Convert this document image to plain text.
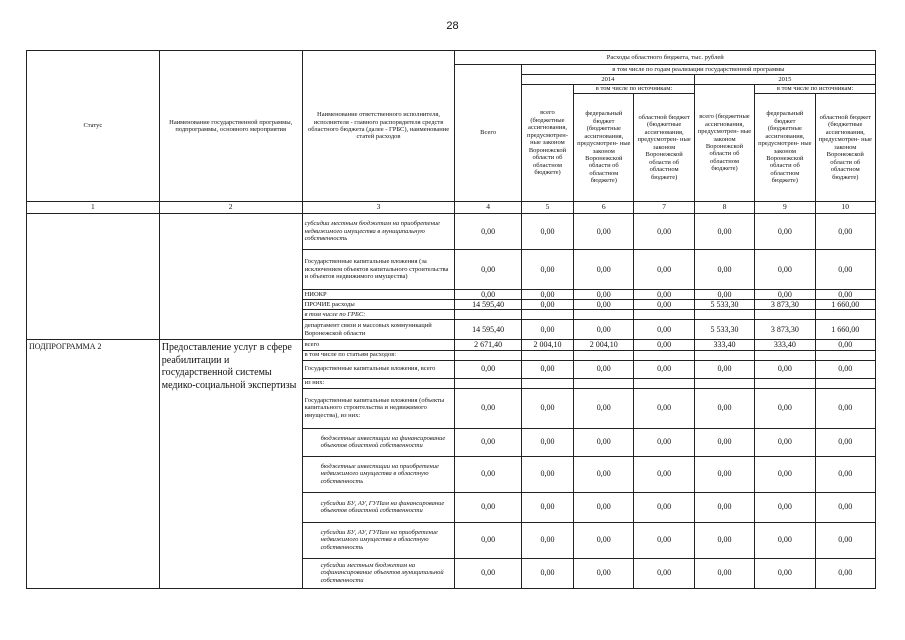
28
Статус	Наименование государственной программы, подпрограммы, основного мероприятия	Наименование ответственного исполнителя, исполнителя - главного распорядителя средств областного бюджета (далее - ГРБС), наименование статей расходов	Расходы областного бюджета, тыс. рублей						
			Всего	в том числе по годам реализации государственной программы					
				2014			2015		
				всего (бюджетные ассигнования, предусмотрен- ные законом Воронежской области об областном бюджете)	в том числе по источникам:		всего (бюджетные ассигнования, предусмотрен- ные законом Воронежской области об областном бюджете)	в том числе по источникам:	
					федеральный бюджет (бюджетные ассигнования, предусмотрен- ные законом Воронежской области об областном бюджете)	областной бюджет (бюджетные ассигнования, предусмотрен- ные законом Воронежской области об областном бюджете)		федеральный бюджет (бюджетные ассигнования, предусмотрен- ные законом Воронежской области об областном бюджете)	областной бюджет (бюджетные ассигнования, предусмотрен- ные законом Воронежской области об областном бюджете)
1	2	3	4	5	6	7	8	9	10
		субсидии местным бюджетам на приобретение недвижимого имущества в муниципальную собственность	0,00	0,00	0,00	0,00	0,00	0,00	0,00
		Государственные капитальные вложения (за исключением объектов капитального строительства и объектов недвижимого имущества)	0,00	0,00	0,00	0,00	0,00	0,00	0,00
		НИОКР	0,00	0,00	0,00	0,00	0,00	0,00	0,00
		ПРОЧИЕ расходы	14 595,40	0,00	0,00	0,00	5 533,30	3 873,30	1 660,00
		в том числе по ГРБС:							
		департамент связи и массовых коммуникаций Воронежской области	14 595,40	0,00	0,00	0,00	5 533,30	3 873,30	1 660,00
ПОДПРОГРАММА 2	Предоставление услуг в сфере реабилитации и государственной системы медико-социальной экспертизы	всего	2 671,40	2 004,10	2 004,10	0,00	333,40	333,40	0,00
		в том числе по статьям расходов:							
		Государственные капитальные вложения, всего	0,00	0,00	0,00	0,00	0,00	0,00	0,00
		из них:							
		Государственные капитальные вложения (объекты капитального строительства и недвижимого имущества), из них:	0,00	0,00	0,00	0,00	0,00	0,00	0,00
		бюджетные инвестиции на финансирование объектов областной собственности	0,00	0,00	0,00	0,00	0,00	0,00	0,00
		бюджетные инвестиции на приобретение недвижимого имущества в областную собственность	0,00	0,00	0,00	0,00	0,00	0,00	0,00
		субсидии БУ, АУ, ГУПам на финансирование объектов областной собственности	0,00	0,00	0,00	0,00	0,00	0,00	0,00
		субсидии БУ, АУ, ГУПам на приобретение недвижимого имущества в областную собственность	0,00	0,00	0,00	0,00	0,00	0,00	0,00
		субсидии местным бюджетам на софинансирование объектов муниципальной собственности	0,00	0,00	0,00	0,00	0,00	0,00	0,00
